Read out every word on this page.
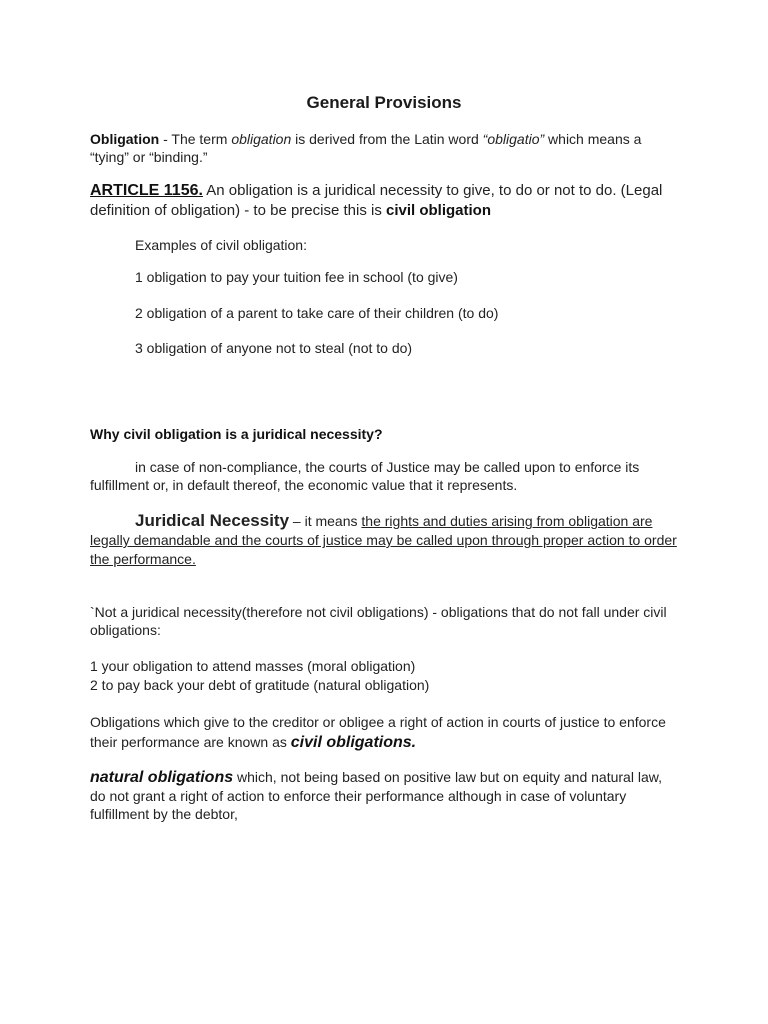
General Provisions

Obligation - The term obligation is derived from the Latin word “obligatio” which means a “tying” or “binding.”

ARTICLE 1156. An obligation is a juridical necessity to give, to do or not to do. (Legal definition of obligation) - to be precise this is civil obligation

Examples of civil obligation:
1 obligation to pay your tuition fee in school (to give)
2 obligation of a parent to take care of their children (to do)
3 obligation of anyone not to steal (not to do)
Why civil obligation is a juridical necessity?

in case of non-compliance, the courts of Justice may be called upon to enforce its fulfillment or, in default thereof, the economic value that it represents.

Juridical Necessity – it means the rights and duties arising from obligation are legally demandable and the courts of justice may be called upon through proper action to order the performance.

`Not a juridical necessity(therefore not civil obligations) - obligations that do not fall under civil obligations:

1 your obligation to attend masses (moral obligation)
2 to pay back your debt of gratitude (natural obligation)

Obligations which give to the creditor or obligee a right of action in courts of justice to enforce their performance are known as civil obligations.

natural obligations which, not being based on positive law but on equity and natural law, do not grant a right of action to enforce their performance although in case of voluntary fulfillment by the debtor,
